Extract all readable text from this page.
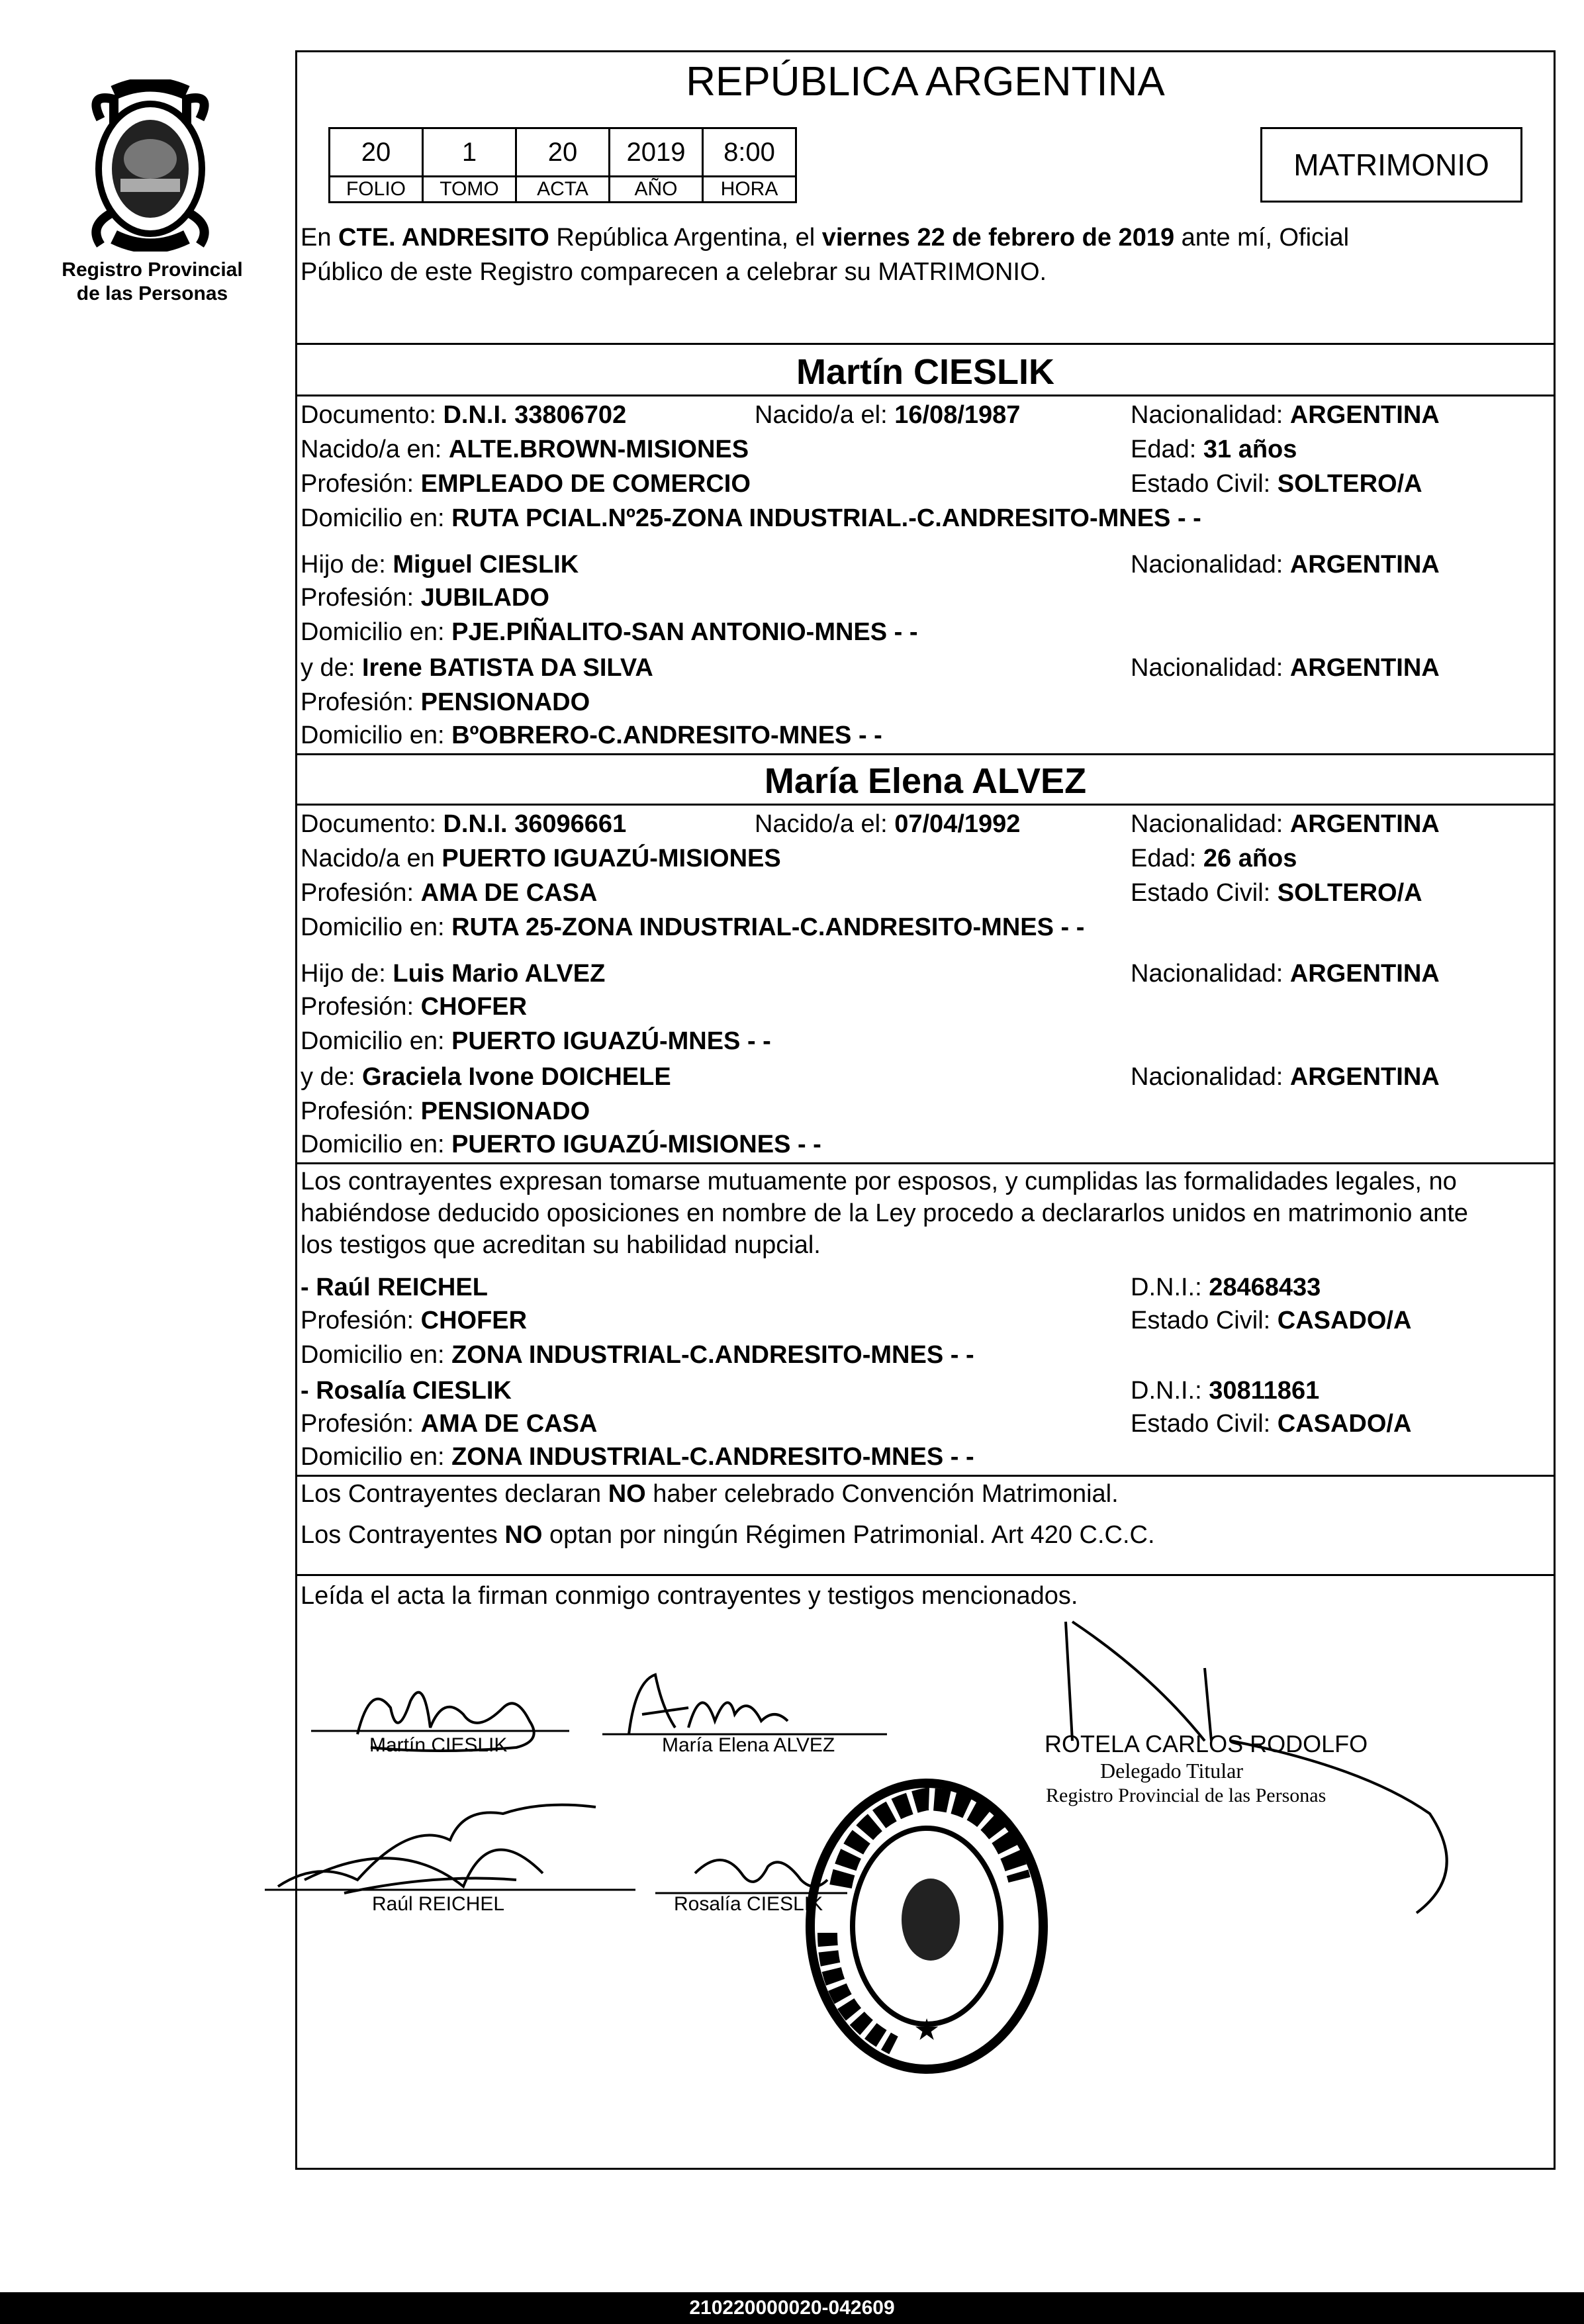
Registro Provincial
de las Personas
REPÚBLICA ARGENTINA
20	1	20	2019	8:00
FOLIO	TOMO	ACTA	AÑO	HORA
MATRIMONIO
En CTE. ANDRESITO República Argentina, el viernes 22 de febrero de 2019 ante mí, Oficial
Público de este Registro comparecen a celebrar su MATRIMONIO.
Martín CIESLIK
Documento: D.N.I. 33806702	Nacido/a el: 16/08/1987	Nacionalidad: ARGENTINA
Nacido/a en: ALTE.BROWN-MISIONES	Edad: 31 años
Profesión: EMPLEADO DE COMERCIO	Estado Civil: SOLTERO/A
Domicilio en: RUTA PCIAL.Nº25-ZONA INDUSTRIAL.-C.ANDRESITO-MNES - -
Hijo de: Miguel CIESLIK	Nacionalidad: ARGENTINA
Profesión: JUBILADO
Domicilio en: PJE.PIÑALITO-SAN ANTONIO-MNES - -
y de: Irene BATISTA DA SILVA	Nacionalidad: ARGENTINA
Profesión: PENSIONADO
Domicilio en: BºOBRERO-C.ANDRESITO-MNES - -
María Elena ALVEZ
Documento: D.N.I. 36096661	Nacido/a el: 07/04/1992	Nacionalidad: ARGENTINA
Nacido/a en PUERTO IGUAZÚ-MISIONES	Edad: 26 años
Profesión: AMA DE CASA	Estado Civil: SOLTERO/A
Domicilio en: RUTA 25-ZONA INDUSTRIAL-C.ANDRESITO-MNES - -
Hijo de: Luis Mario ALVEZ	Nacionalidad: ARGENTINA
Profesión: CHOFER
Domicilio en: PUERTO IGUAZÚ-MNES - -
y de: Graciela Ivone DOICHELE	Nacionalidad: ARGENTINA
Profesión: PENSIONADO
Domicilio en: PUERTO IGUAZÚ-MISIONES - -
Los contrayentes expresan tomarse mutuamente por esposos, y cumplidas las formalidades legales, no
habiéndose deducido oposiciones en nombre de la Ley procedo a declararlos unidos en matrimonio ante
los testigos que acreditan su habilidad nupcial.
- Raúl REICHEL	D.N.I.: 28468433
Profesión: CHOFER	Estado Civil: CASADO/A
Domicilio en: ZONA INDUSTRIAL-C.ANDRESITO-MNES - -
- Rosalía CIESLIK	D.N.I.: 30811861
Profesión: AMA DE CASA	Estado Civil: CASADO/A
Domicilio en: ZONA INDUSTRIAL-C.ANDRESITO-MNES - -
Los Contrayentes declaran NO haber celebrado Convención Matrimonial.
Los Contrayentes NO optan por ningún Régimen Patrimonial. Art 420 C.C.C.
Leída el acta la firman conmigo contrayentes y testigos mencionados.
Martín CIESLIK	María Elena ALVEZ
Raúl REICHEL	Rosalía CIESLIK
ROTELA CARLOS RODOLFO
Delegado Titular
Registro Provincial de las Personas
★
210220000020-042609
